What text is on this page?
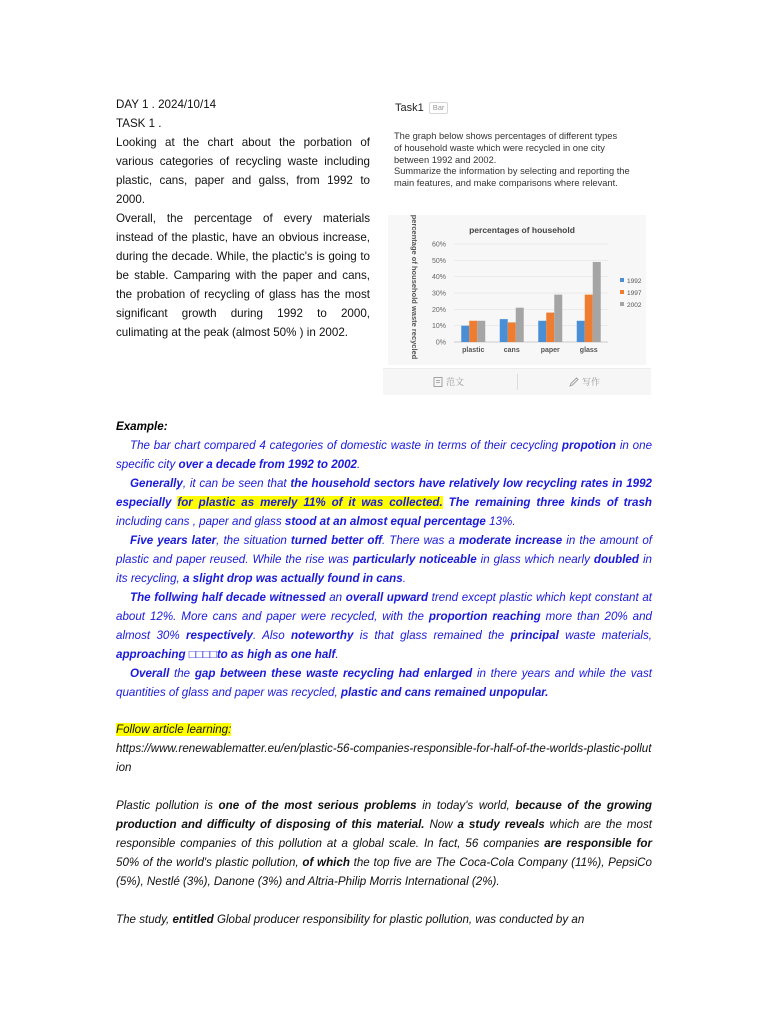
DAY 1 . 2024/10/14

TASK 1 .

Looking at the chart about the porbation of various categories of recycling waste including plastic, cans, paper and galss, from 1992 to 2000.

Overall, the percentage of every materials instead of the plastic, have an obvious increase, during the decade. While, the plactic's is going to be stable. Camparing with the paper and cans, the probation of recycling of glass has the most significant growth during 1992 to 2000, culimating at the peak (almost 50% ) in 2002.

Task1	Bar
The graph below shows percentages of different types
of household waste which were recycled in one city
between 1992 and 2002.
Summarize the information by selecting and reporting the
main features, and make comparisons where relevant.
percentages of household
percentage of household waste recycled 0%
10%
20%
30%
40%
50%
60%
plastic	cans	paper	glass
1992
1997
2002
范文	写作

Example:

The bar chart compared 4 categories of domestic waste in terms of their cecycling propotion in one specific city over a decade from 1992 to 2002.

Generally, it can be seen that the household sectors have relatively low recycling rates in 1992 especially for plastic as merely 11% of it was collected. The remaining three kinds of trash including cans , paper and glass stood at an almost equal percentage 13%.

Five years later, the situation turned better off. There was a moderate increase in the amount of plastic and paper reused. While the rise was particularly noticeable in glass which nearly doubled in its recycling, a slight drop was actually found in cans.

The follwing half decade witnessed an overall upward trend except plastic which kept constant at about 12%. More cans and paper were recycled, with the proportion reaching more than 20% and almost 30% respectively. Also noteworthy is that glass remained the principal waste materials, approaching □□□□to as high as one half.

Overall the gap between these waste recycling had enlarged in there years and while the vast quantities of glass and paper was recycled, plastic and cans remained unpopular.

Follow article learning:

https://www.renewablematter.eu/en/plastic-56-companies-responsible-for-half-of-the-worlds-plastic-pollution

Plastic pollution is one of the most serious problems in today's world, because of the growing production and difficulty of disposing of this material. Now a study reveals which are the most responsible companies of this pollution at a global scale. In fact, 56 companies are responsible for 50% of the world's plastic pollution, of which the top five are The Coca-Cola Company (11%), PepsiCo (5%), Nestlé (3%), Danone (3%) and Altria-Philip Morris International (2%).

The study, entitled Global producer responsibility for plastic pollution, was conducted by an
